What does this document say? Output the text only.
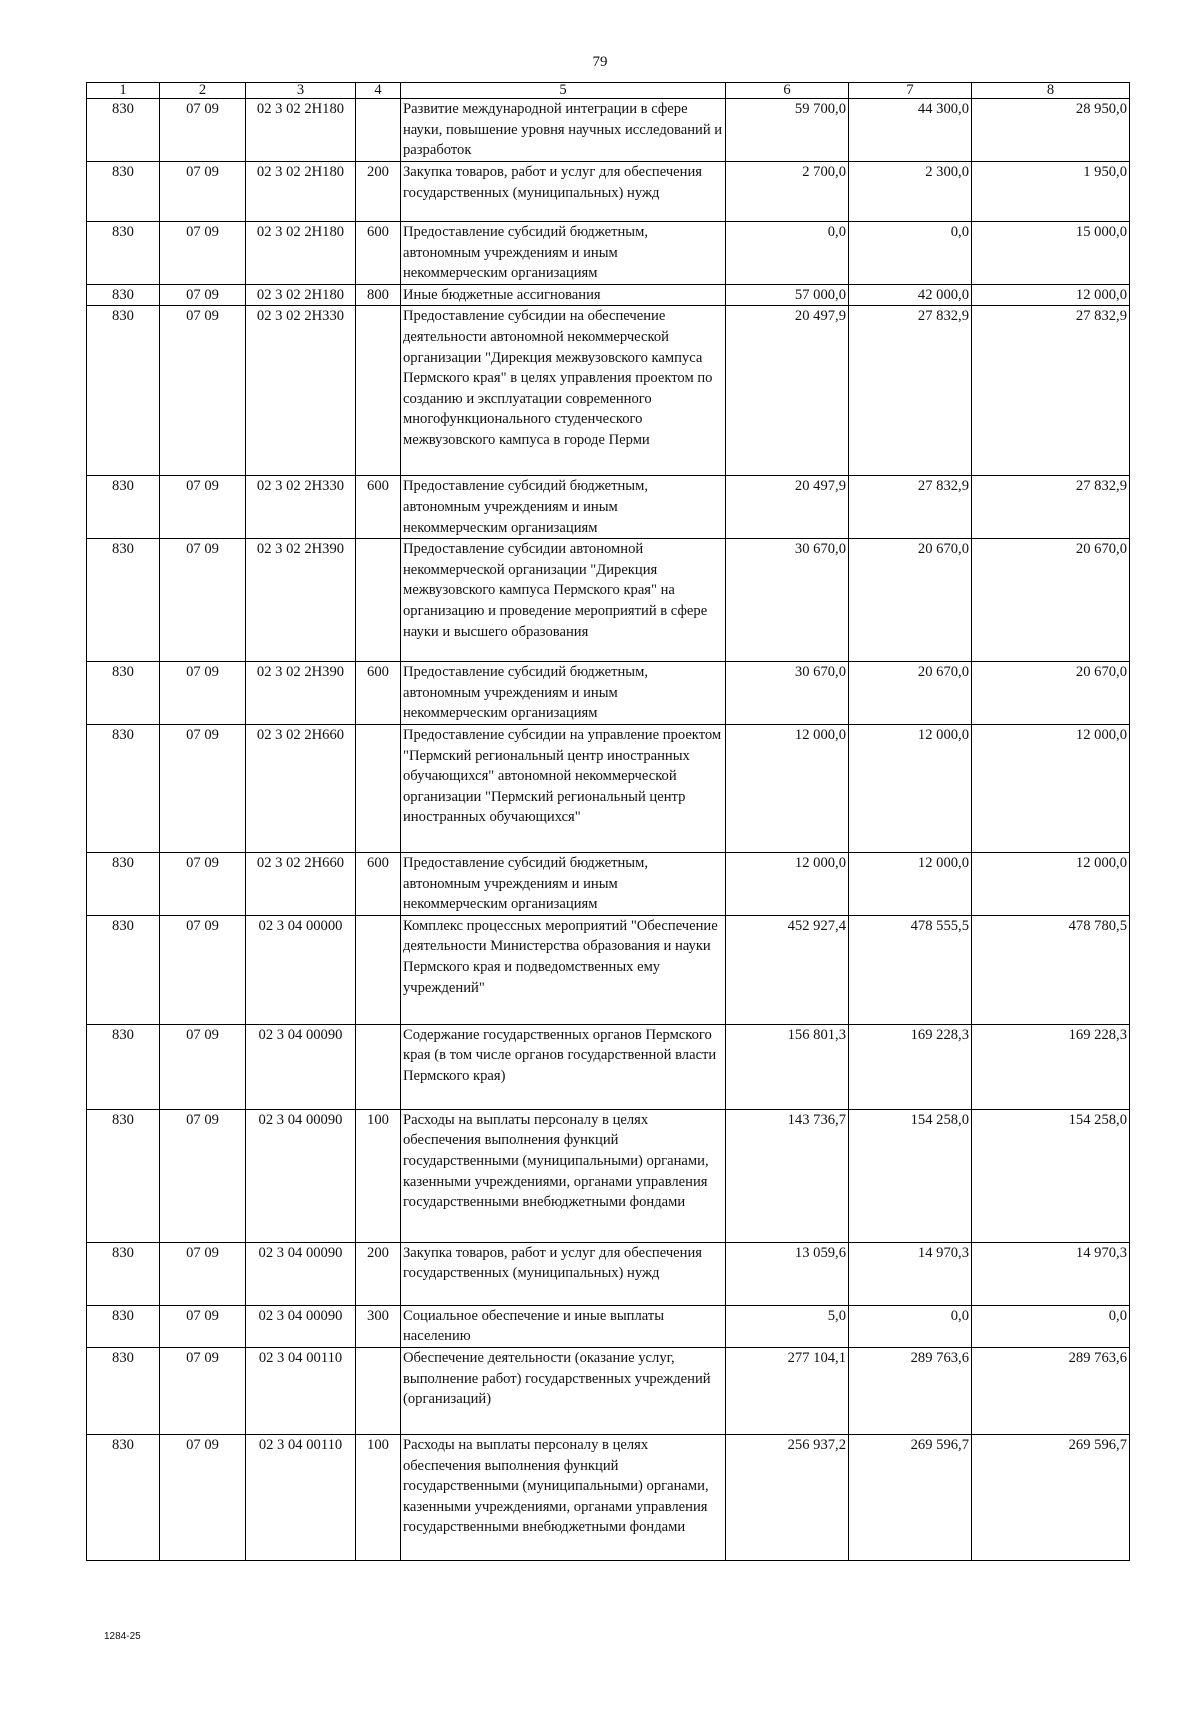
79
1	2	3	4	5	6	7	8
830	07 09	02 3 02 2Н180		Развитие международной интеграции в сфере науки, повышение уровня научных исследований и разработок	59 700,0	44 300,0	28 950,0
830	07 09	02 3 02 2Н180	200	Закупка товаров, работ и услуг для обеспечения государственных (муниципальных) нужд	2 700,0	2 300,0	1 950,0
830	07 09	02 3 02 2Н180	600	Предоставление субсидий бюджетным, автономным учреждениям и иным некоммерческим организациям	0,0	0,0	15 000,0
830	07 09	02 3 02 2Н180	800	Иные бюджетные ассигнования	57 000,0	42 000,0	12 000,0
830	07 09	02 3 02 2Н330		Предоставление субсидии на обеспечение деятельности автономной некоммерческой организации "Дирекция межвузовского кампуса Пермского края" в целях управления проектом по созданию и эксплуатации современного многофункционального студенческого межвузовского кампуса в городе Перми	20 497,9	27 832,9	27 832,9
830	07 09	02 3 02 2Н330	600	Предоставление субсидий бюджетным, автономным учреждениям и иным некоммерческим организациям	20 497,9	27 832,9	27 832,9
830	07 09	02 3 02 2Н390		Предоставление субсидии автономной некоммерческой организации "Дирекция межвузовского кампуса Пермского края" на организацию и проведение мероприятий в сфере науки и высшего образования	30 670,0	20 670,0	20 670,0
830	07 09	02 3 02 2Н390	600	Предоставление субсидий бюджетным, автономным учреждениям и иным некоммерческим организациям	30 670,0	20 670,0	20 670,0
830	07 09	02 3 02 2Н660		Предоставление субсидии на управление проектом "Пермский региональный центр иностранных обучающихся" автономной некоммерческой организации "Пермский региональный центр иностранных обучающихся"	12 000,0	12 000,0	12 000,0
830	07 09	02 3 02 2Н660	600	Предоставление субсидий бюджетным, автономным учреждениям и иным некоммерческим организациям	12 000,0	12 000,0	12 000,0
830	07 09	02 3 04 00000		Комплекс процессных мероприятий "Обеспечение деятельности Министерства образования и науки Пермского края и подведомственных ему учреждений"	452 927,4	478 555,5	478 780,5
830	07 09	02 3 04 00090		Содержание государственных органов Пермского края (в том числе органов государственной власти Пермского края)	156 801,3	169 228,3	169 228,3
830	07 09	02 3 04 00090	100	Расходы на выплаты персоналу в целях обеспечения выполнения функций государственными (муниципальными) органами, казенными учреждениями, органами управления государственными внебюджетными фондами	143 736,7	154 258,0	154 258,0
830	07 09	02 3 04 00090	200	Закупка товаров, работ и услуг для обеспечения государственных (муниципальных) нужд	13 059,6	14 970,3	14 970,3
830	07 09	02 3 04 00090	300	Социальное обеспечение и иные выплаты населению	5,0	0,0	0,0
830	07 09	02 3 04 00110		Обеспечение деятельности (оказание услуг, выполнение работ) государственных учреждений (организаций)	277 104,1	289 763,6	289 763,6
830	07 09	02 3 04 00110	100	Расходы на выплаты персоналу в целях обеспечения выполнения функций государственными (муниципальными) органами, казенными учреждениями, органами управления государственными внебюджетными фондами	256 937,2	269 596,7	269 596,7
1284-25
